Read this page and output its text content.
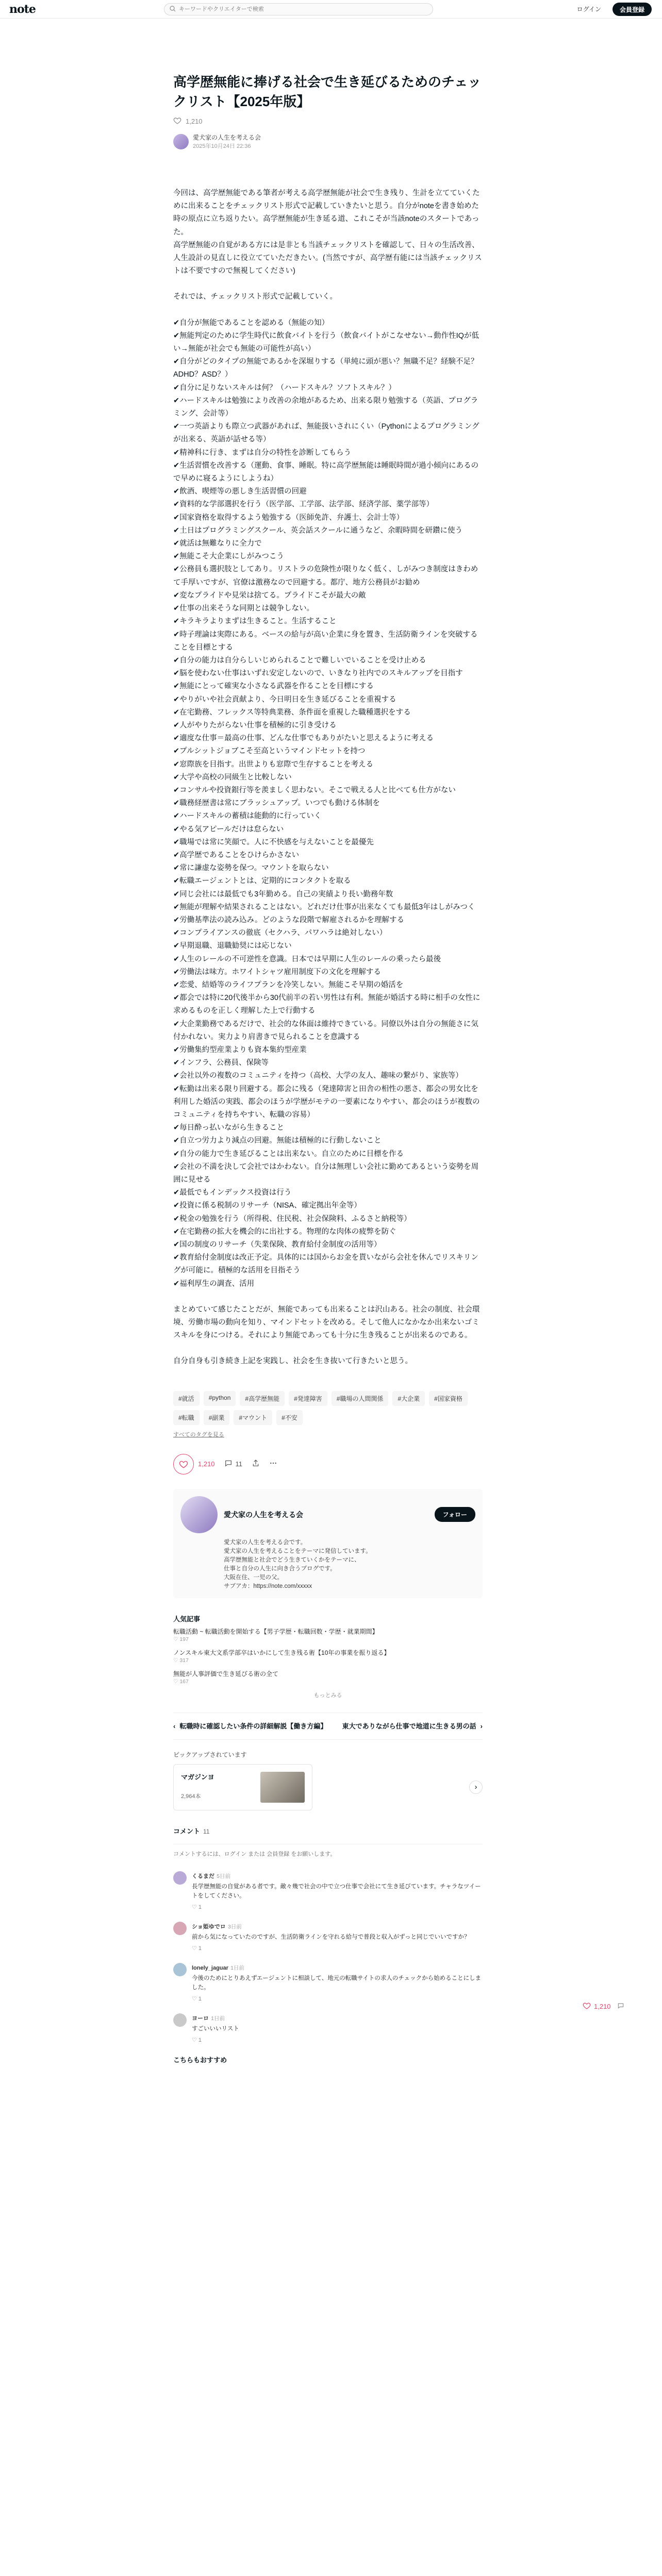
note
キーワードやクリエイターで検索	ログイン	会員登録
高学歴無能に捧げる社会で生き延びるためのチェックリスト【2025年版】
1,210
愛犬家の人生を考える会
2025年10月24日 22:36

今回は、高学歴無能である筆者が考える高学歴無能が社会で生き残り、生計を立てていくために出来ることをチェックリスト形式で記載していきたいと思う。自分がnoteを書き始めた時の原点に立ち返りたい。高学歴無能が生き延る道、これこそが当該noteのスタートであった。

高学歴無能の自覚がある方には是非とも当該チェックリストを確認して、日々の生活改善、人生設計の見直しに役立てていただきたい。(当然ですが、高学歴有能には当該チェックリストは不要ですので無視してください)

それでは、チェックリスト形式で記載していく。

✔自分が無能であることを認める（無能の知）

✔無能判定のために学生時代に飲食バイトを行う（飲食バイトがこなせない→動作性IQが低い→無能が社会でも無能の可能性が高い）

✔自分がどのタイプの無能であるかを深堀りする（単純に頭が悪い？無職不足？経験不足？ADHD？ASD？）

✔自分に足りないスキルは何？（ハードスキル？ソフトスキル？）

✔ハードスキルは勉強により改善の余地があるため、出来る限り勉強する（英語、プログラミング、会計等）

✔一つ英語よりも際立つ武器があれば、無能扱いされにくい（Pythonによるプログラミングが出来る、英語が話せる等）

✔精神科に行き、まずは自分の特性を診断してもらう

✔生活習慣を改善する（運動、食事、睡眠。特に高学歴無能は睡眠時間が過小傾向にあるので早めに寝るようにしようね）

✔飲酒、喫煙等の悪しき生活習慣の回避

✔資料的な学部選択を行う（医学部、工学部、法学部、経済学部、薬学部等）

✔国家資格を取得するよう勉強する（医師免許、弁護士、会計士等）

✔土日はプログラミングスクール、英会話スクールに通うなど、余暇時間を研鑽に使う

✔就活は無難なりに全力で

✔無能こそ大企業にしがみつこう

✔公務員も選択肢としてあり。リストラの危険性が限りなく低く、しがみつき制度はきわめて手厚いですが、官僚は激務なので回避する。都庁、地方公務員がお勧め

✔変なプライドや見栄は捨てる。プライドこそが最大の敵

✔仕事の出来そうな同期とは競争しない。

✔キラキラよりまずは生きること。生活すること

✔時子理論は実際にある。ベースの給与が高い企業に身を置き、生活防衛ラインを突破することを目標とする

✔自分の能力は自分らしいじめられることで難しいでいることを受け止める

✔脳を使わない仕事はいずれ安定しないので、いきなり社内でのスキルアップを目指す

✔無能にとって確実な小さなる武器を作ることを目標にする

✔やりがいや社会貢献より、今日明日を生き延びることを重視する

✔在宅勤務、フレックス等特典業務、条件面を重視した職種選択をする

✔人がやりたがらない仕事を積極的に引き受ける

✔適度な仕事＝最高の仕事、どんな仕事でもありがたいと思えるように考える

✔プルシットジョブこそ至高というマインドセットを持つ

✔窓際族を目指す。出世よりも窓際で生存することを考える

✔大学や高校の同級生と比較しない

✔コンサルや投資銀行等を羨ましく思わない。そこで戦える人と比べても仕方がない

✔職務経歴書は常にブラッシュアップ。いつでも動ける体制を

✔ハードスキルの蓄積は能動的に行っていく

✔やる気アピールだけは怠らない

✔職場では常に笑顔で。人に不快感を与えないことを最優先

✔高学歴であることをひけらかさない

✔常に謙虚な姿勢を保つ。マウントを取らない

✔転職エージェントとは、定期的にコンタクトを取る

✔同じ会社には最低でも3年勤める。自己の実績より長い勤務年数

✔無能が理解や結果されることはない。どれだけ仕事が出来なくても最低3年はしがみつく

✔労働基準法の読み込み。どのような段階で解雇されるかを理解する

✔コンプライアンスの徹底（セクハラ、パワハラは絶対しない）

✔早期退職、退職勧奨には応じない

✔人生のレールの不可逆性を意識。日本では早期に人生のレールの乗ったら最後

✔労働法は味方。ホワイトシャツ雇用制度下の文化を理解する

✔恋愛、結婚等のライフプランを冷笑しない。無能こそ早期の婚活を

✔都会では特に20代後半から30代前半の若い男性は有利。無能が婚活する時に相手の女性に求めるものを正しく理解した上で行動する

✔大企業勤務であるだけで、社会的な体面は維持できている。同僚以外は自分の無能さに気付かれない。実力より肩書きで見られることを意識する

✔労働集約型産業よりも資本集約型産業

✔インフラ、公務員、保険等

✔会社以外の複数のコミュニティを持つ（高校、大学の友人、趣味の繋がり、家族等）

✔転勤は出来る限り回避する。都会に残る（発達障害と田舎の相性の悪さ、都会の男女比を利用した婚活の実践、都会のほうが学歴がモテの一要素になりやすい、都会のほうが複数のコミュニティを持ちやすい、転職の容易）

✔毎日酔っ払いながら生きること

✔自立つ労力より減点の回避。無能は積極的に行動しないこと

✔自分の能力で生き延びることは出来ない。自立のために目標を作る

✔会社の不満を決して会社ではかわない。自分は無理しい会社に勤めてあるという姿勢を周囲に見せる

✔最低でもインデックス投資は行う

✔投資に係る税制のリサーチ（NISA、確定拠出年金等）

✔税金の勉強を行う（所得税、住民税、社会保険料、ふるさと納税等）

✔在宅勤務の拡大を機会的に出社する。物理的な肉体の疲弊を防ぐ

✔国の制度のリサーチ（失業保険、教育給付金制度の活用等）

✔教育給付金制度は改正予定。具体的には国からお金を貰いながら会社を休んでリスキリングが可能に。積極的な活用を目指そう

✔福利厚生の調査、活用

まとめていて感じたことだが、無能であっても出来ることは沢山ある。社会の制度、社会環境、労働市場の動向を知り、マインドセットを改める。そして他人になかなか出来ないゴミスキルを身につける。それにより無能であっても十分に生き残ることが出来るのである。

自分自身も引き続き上記を実践し、社会を生き抜いて行きたいと思う。

#就活	#python	#高学歴無能	#発達障害	#職場の人間関係	#大企業	#国家資格
#転職	#副業	#マウント	#不安
すべてのタグを見る
1,210	11
愛犬家の人生を考える会	フォロー
愛犬家の人生を考える会です。
愛犬家の人生を考えることをテーマに発信しています。
高学歴無能と社会でどう生きていくかをテーマに、
仕事と自分の人生に向き合うブログです。
大阪在住、一児の父。
サブアカ：https://note.com/xxxxx
人気記事
転職活動 ~ 転職活動を開始する【男子学歴・転職回数・学歴・就業期間】
♡ 197
ノンスキル東大文系学部卒はいかにして生き残る術【10年の事業を振り返る】
♡ 317
無能が人事評価で生き延びる術の全て
♡ 167
もっとみる
‹ 転職時に確認したい条件の詳細解説【働き方編】 東大でありながら仕事で地道に生きる男の話 ›
ピックアップされています
マガジンヨ
2,964本
›
コメント 11
コメントするには、ログイン または 会員登録 をお願いします。
くるまだ 5日前
長学歴無能の自覚がある者です。敵々幾で社会の中で立つ仕事で会社にて生き延びています。チャラなツイートをしてください。
♡ 1
ショ姫ゆでロ 3日前
前から気になっていたのですが、生活防衛ラインを守れる給与で普段と収入がずっと同じでいいですか？
♡ 1
lonely_jaguar 1日前
今後のためにとりあえずエージェントに相談して、地元の転職サイトの求人のチェックから始めることにしました。
♡ 1
ヨーロ 1日前
すごいいいリスト
♡ 1
こちらもおすすめ
1,210
